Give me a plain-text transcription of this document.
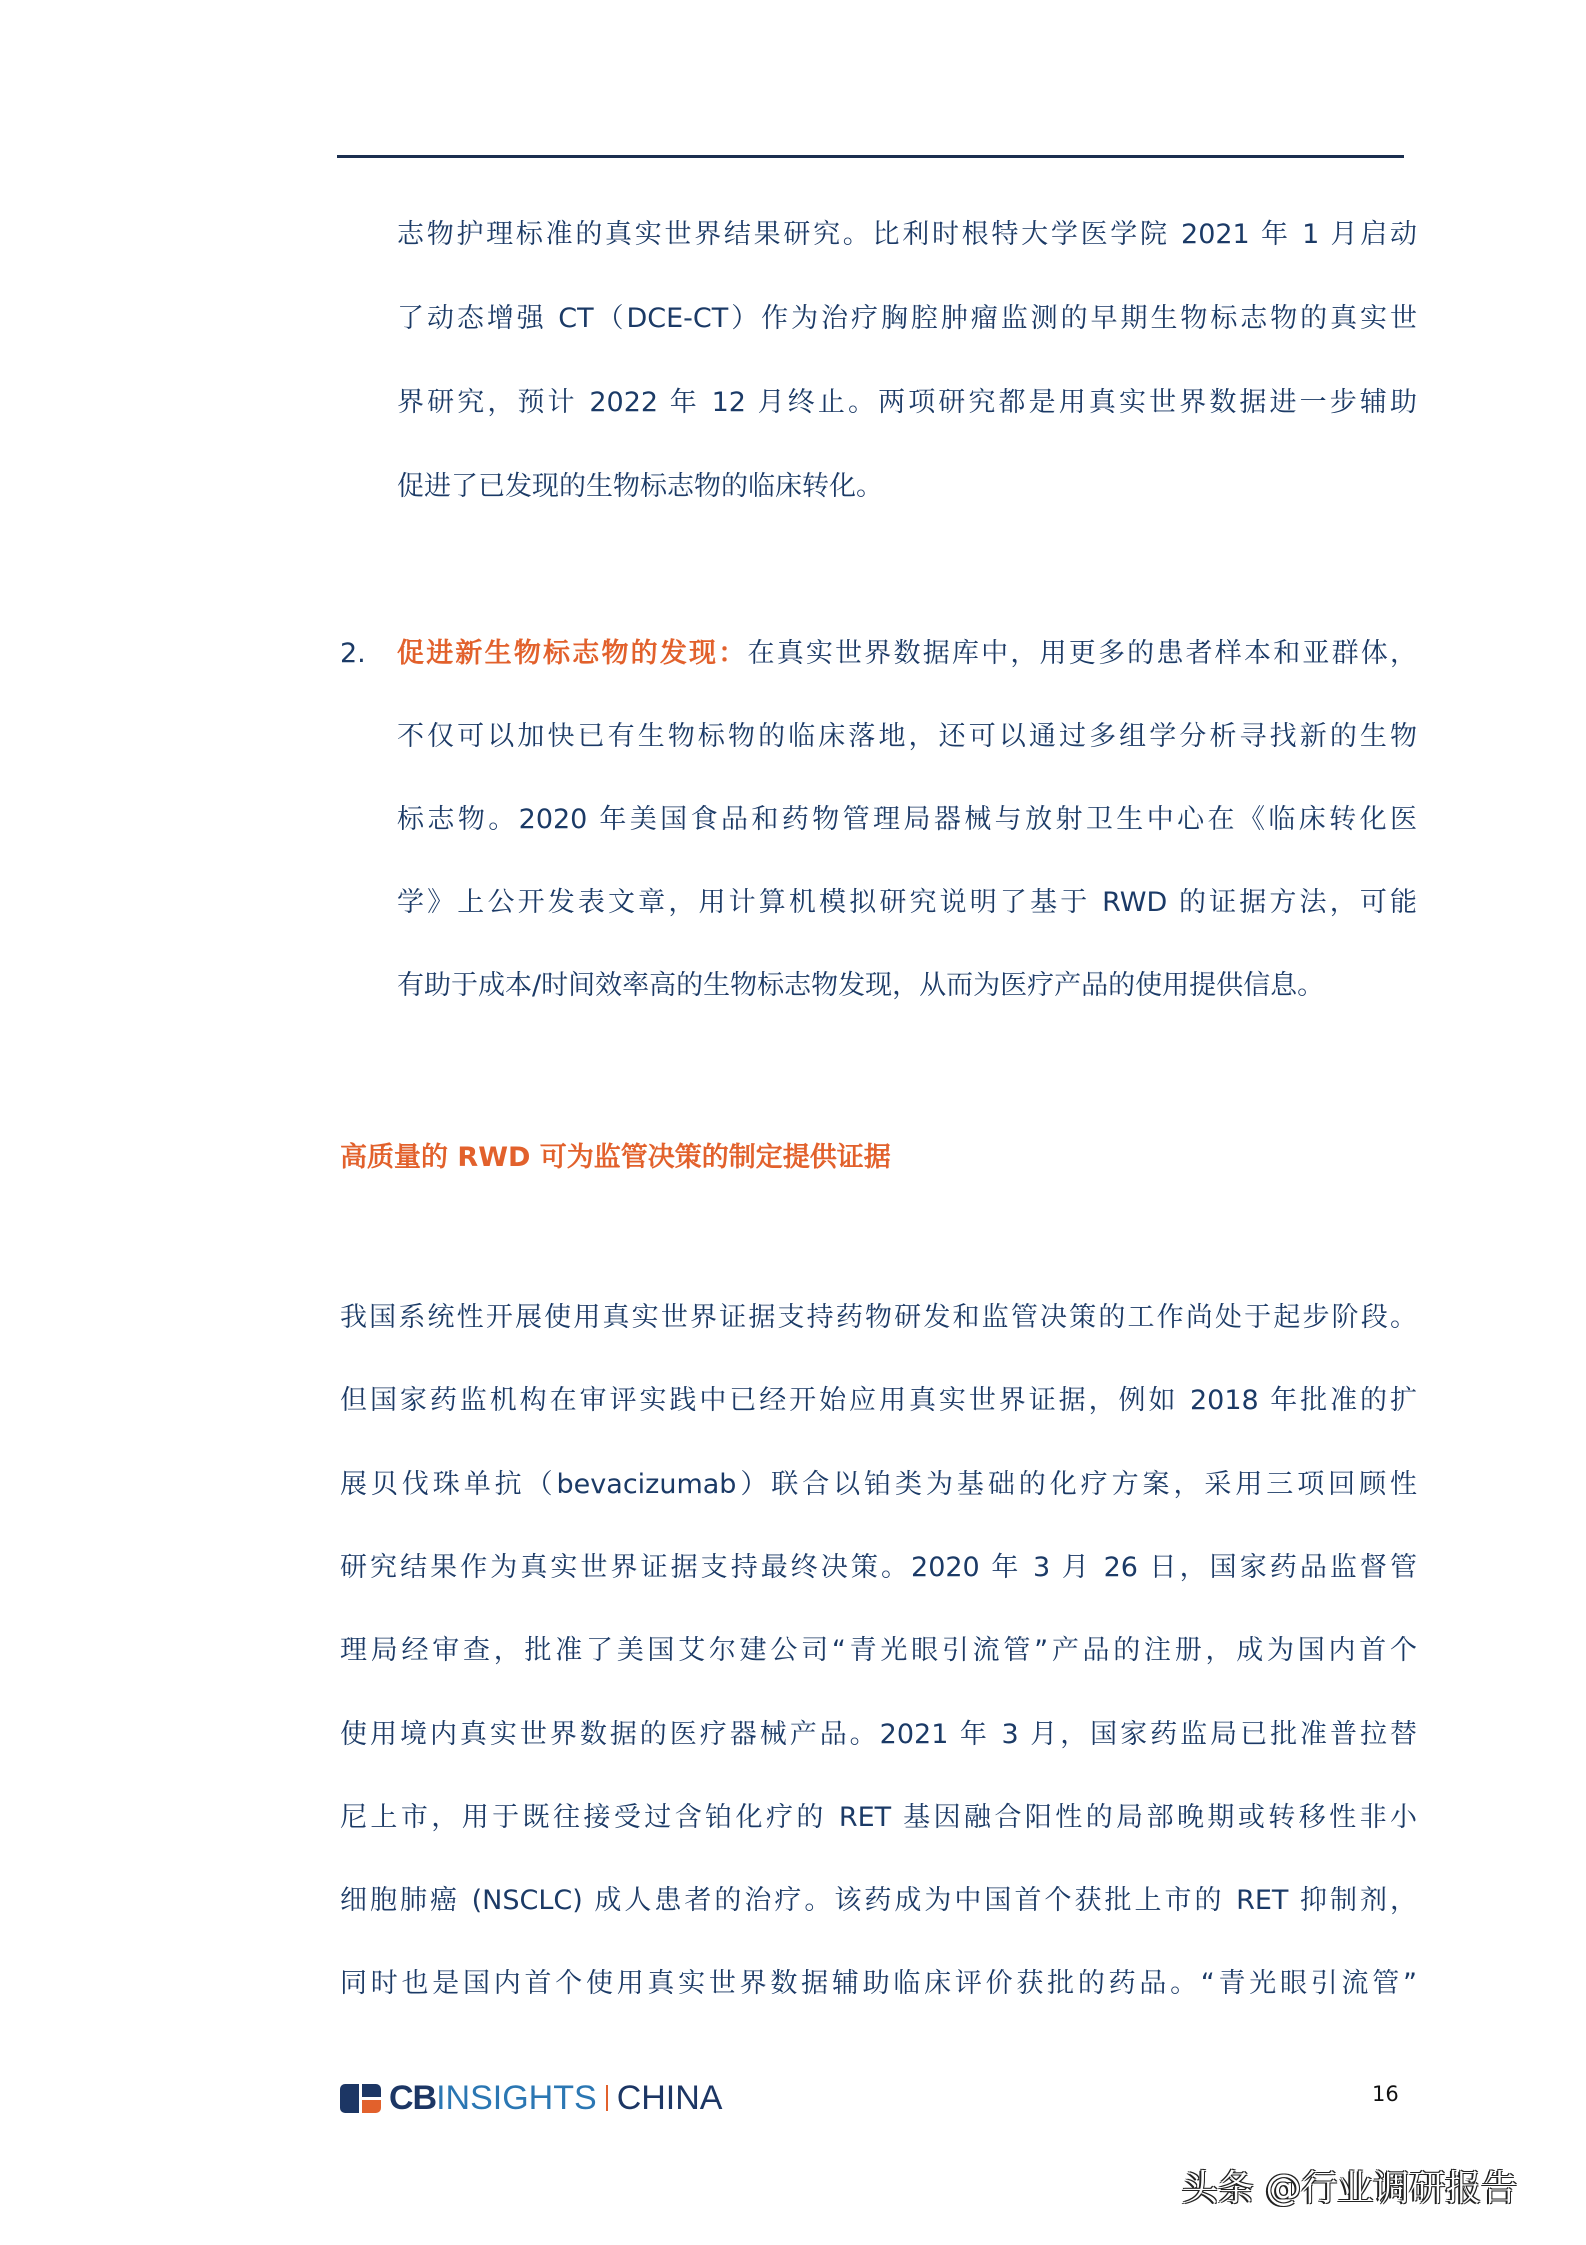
志物护理标准的真实世界结果研究。比利时根特大学医学院 2021 年 1 月启动
了动态增强 CT（DCE-CT）作为治疗胸腔肿瘤监测的早期生物标志物的真实世
界研究，预计 2022 年 12 月终止。两项研究都是用真实世界数据进一步辅助
促进了已发现的生物标志物的临床转化。
2. 促进新生物标志物的发现：在真实世界数据库中，用更多的患者样本和亚群体，
不仅可以加快已有生物标物的临床落地，还可以通过多组学分析寻找新的生物
标志物。2020 年美国食品和药物管理局器械与放射卫生中心在《临床转化医
学》上公开发表文章，用计算机模拟研究说明了基于 RWD 的证据方法，可能
有助于成本/时间效率高的生物标志物发现，从而为医疗产品的使用提供信息。
高质量的 RWD 可为监管决策的制定提供证据
我国系统性开展使用真实世界证据支持药物研发和监管决策的工作尚处于起步阶段。
但国家药监机构在审评实践中已经开始应用真实世界证据，例如 2018 年批准的扩
展贝伐珠单抗（bevacizumab）联合以铂类为基础的化疗方案，采用三项回顾性
研究结果作为真实世界证据支持最终决策。2020 年 3 月 26 日，国家药品监督管
理局经审查，批准了美国艾尔建公司“青光眼引流管”产品的注册，成为国内首个
使用境内真实世界数据的医疗器械产品。2021 年 3 月，国家药监局已批准普拉替
尼上市，用于既往接受过含铂化疗的 RET 基因融合阳性的局部晚期或转移性非小
细胞肺癌 (NSCLC) 成人患者的治疗。该药成为中国首个获批上市的 RET 抑制剂，
同时也是国内首个使用真实世界数据辅助临床评价获批的药品。“青光眼引流管”
CB INSIGHTS CHINA	16
头条 @行业调研报告
